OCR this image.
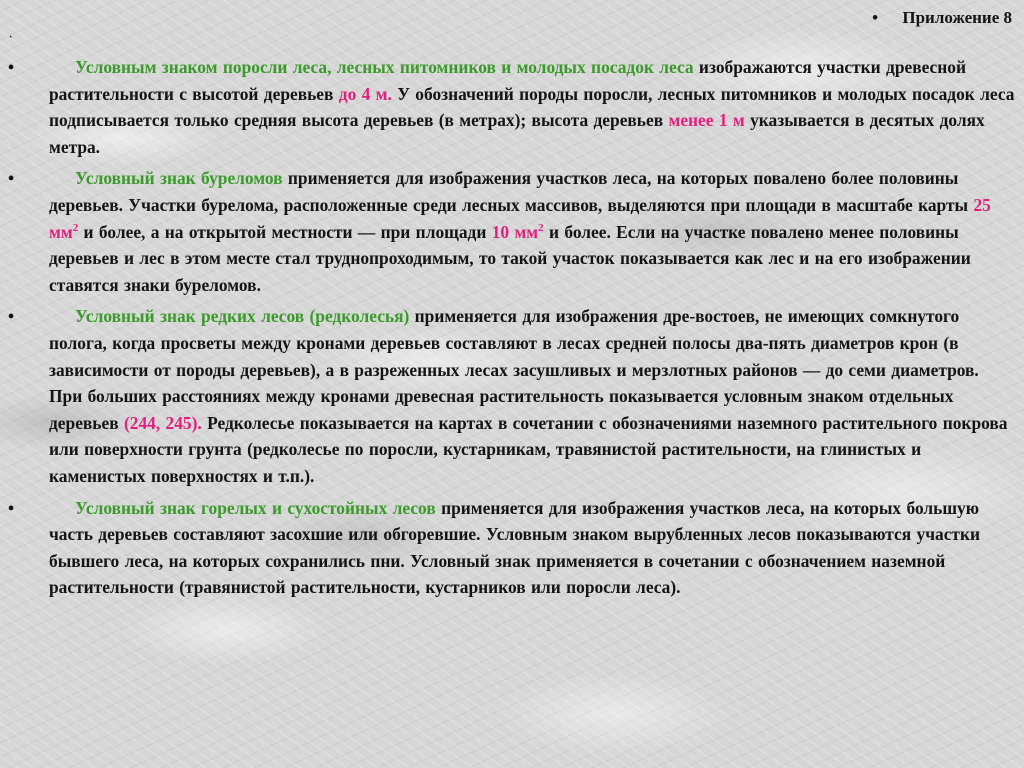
• Приложение 8
·
•	Условным знаком поросли леса, лесных питомников и молодых посадок леса изображаются участки древесной растительности с высотой деревьев до 4 м. У обозначений породы поросли, лесных питомников и молодых посадок леса подписывается только средняя высота деревьев (в метрах); высота деревьев менее 1 м указывается в десятых долях метра.
•	Условный знак буреломов применяется для изображения участков леса, на которых повалено более половины деревьев. Участки бурелома, расположенные среди лесных массивов, выделяются при площади в масштабе карты 25 $мм^2$ и более, а на открытой местности — при площади 10 $мм^2$ и более. Если на участке повалено менее половины деревьев и лес в этом месте стал труднопроходимым, то такой участок показывается как лес и на его изображении ставятся знаки буреломов.
•	Условный знак редких лесов (редколесья) применяется для изображения дре-востоев, не имеющих сомкнутого полога, когда просветы между кронами деревьев составляют в лесах средней полосы два-пять диаметров крон (в зависимости от породы деревьев), а в разреженных лесах засушливых и мерзлотных районов — до семи диаметров. При больших расстояниях между кронами древесная растительность показывается условным знаком отдельных деревьев (244, 245). Редколесье показывается на картах в сочетании с обозначениями наземного растительного покрова или поверхности грунта (редколесье по поросли, кустарникам, травянистой растительности, на глинистых и каменистых поверхностях и т.п.).
•	Условный знак горелых и сухостойных лесов применяется для изображения участков леса, на которых большую часть деревьев составляют засохшие или обгоревшие. Условным знаком вырубленных лесов показываются участки бывшего леса, на которых сохранились пни. Условный знак применяется в сочетании с обозначением наземной растительности (травянистой растительности, кустарников или поросли леса).
